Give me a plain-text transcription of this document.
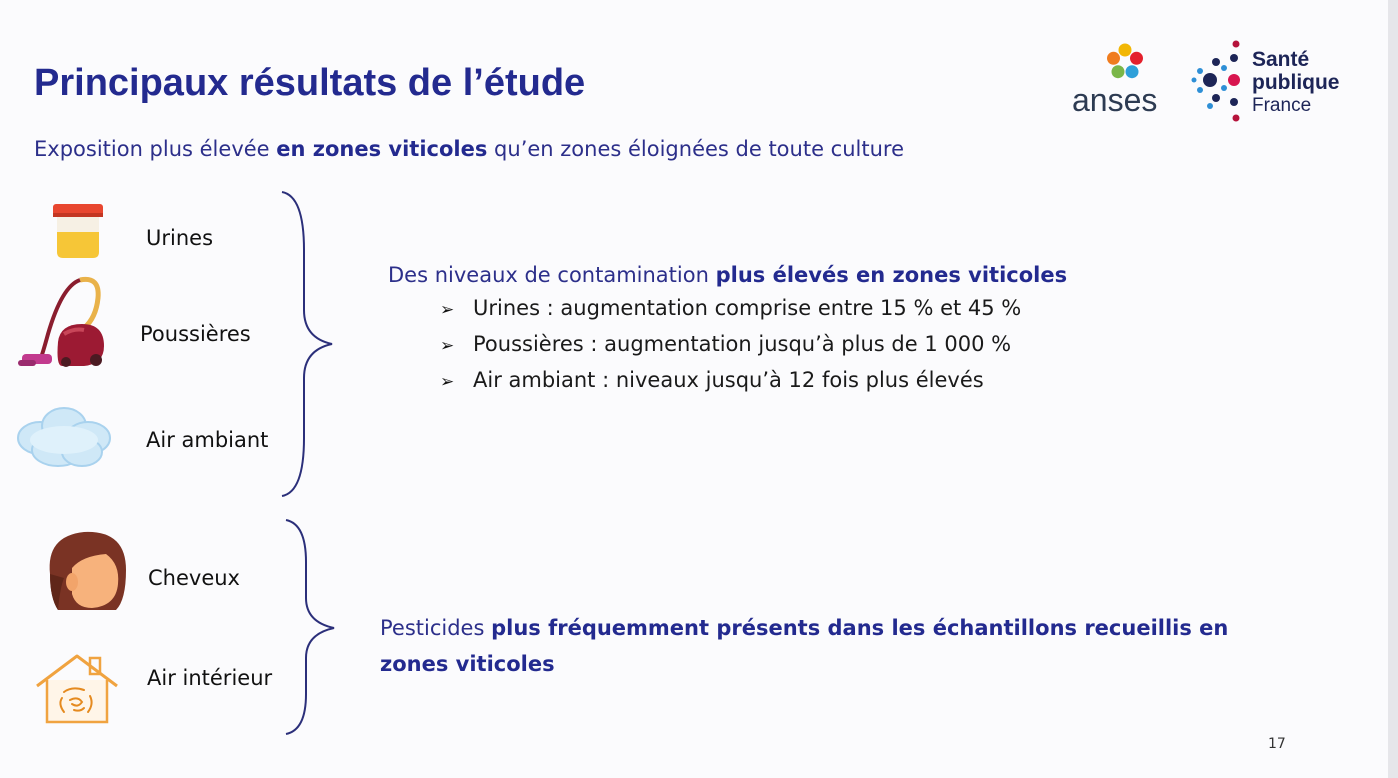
Principaux résultats de l’étude
Exposition plus élevée en zones viticoles qu’en zones éloignées de toute culture
anses
Santé
publique
France
Urines
Poussières
Air ambiant
Des niveaux de contamination plus élevés en zones viticoles
➢ Urines : augmentation comprise entre 15 % et 45 %
➢ Poussières : augmentation jusqu’à plus de 1 000 %
➢ Air ambiant : niveaux jusqu’à 12 fois plus élevés
Cheveux
Air intérieur
Pesticides plus fréquemment présents dans les échantillons recueillis en zones viticoles
17
